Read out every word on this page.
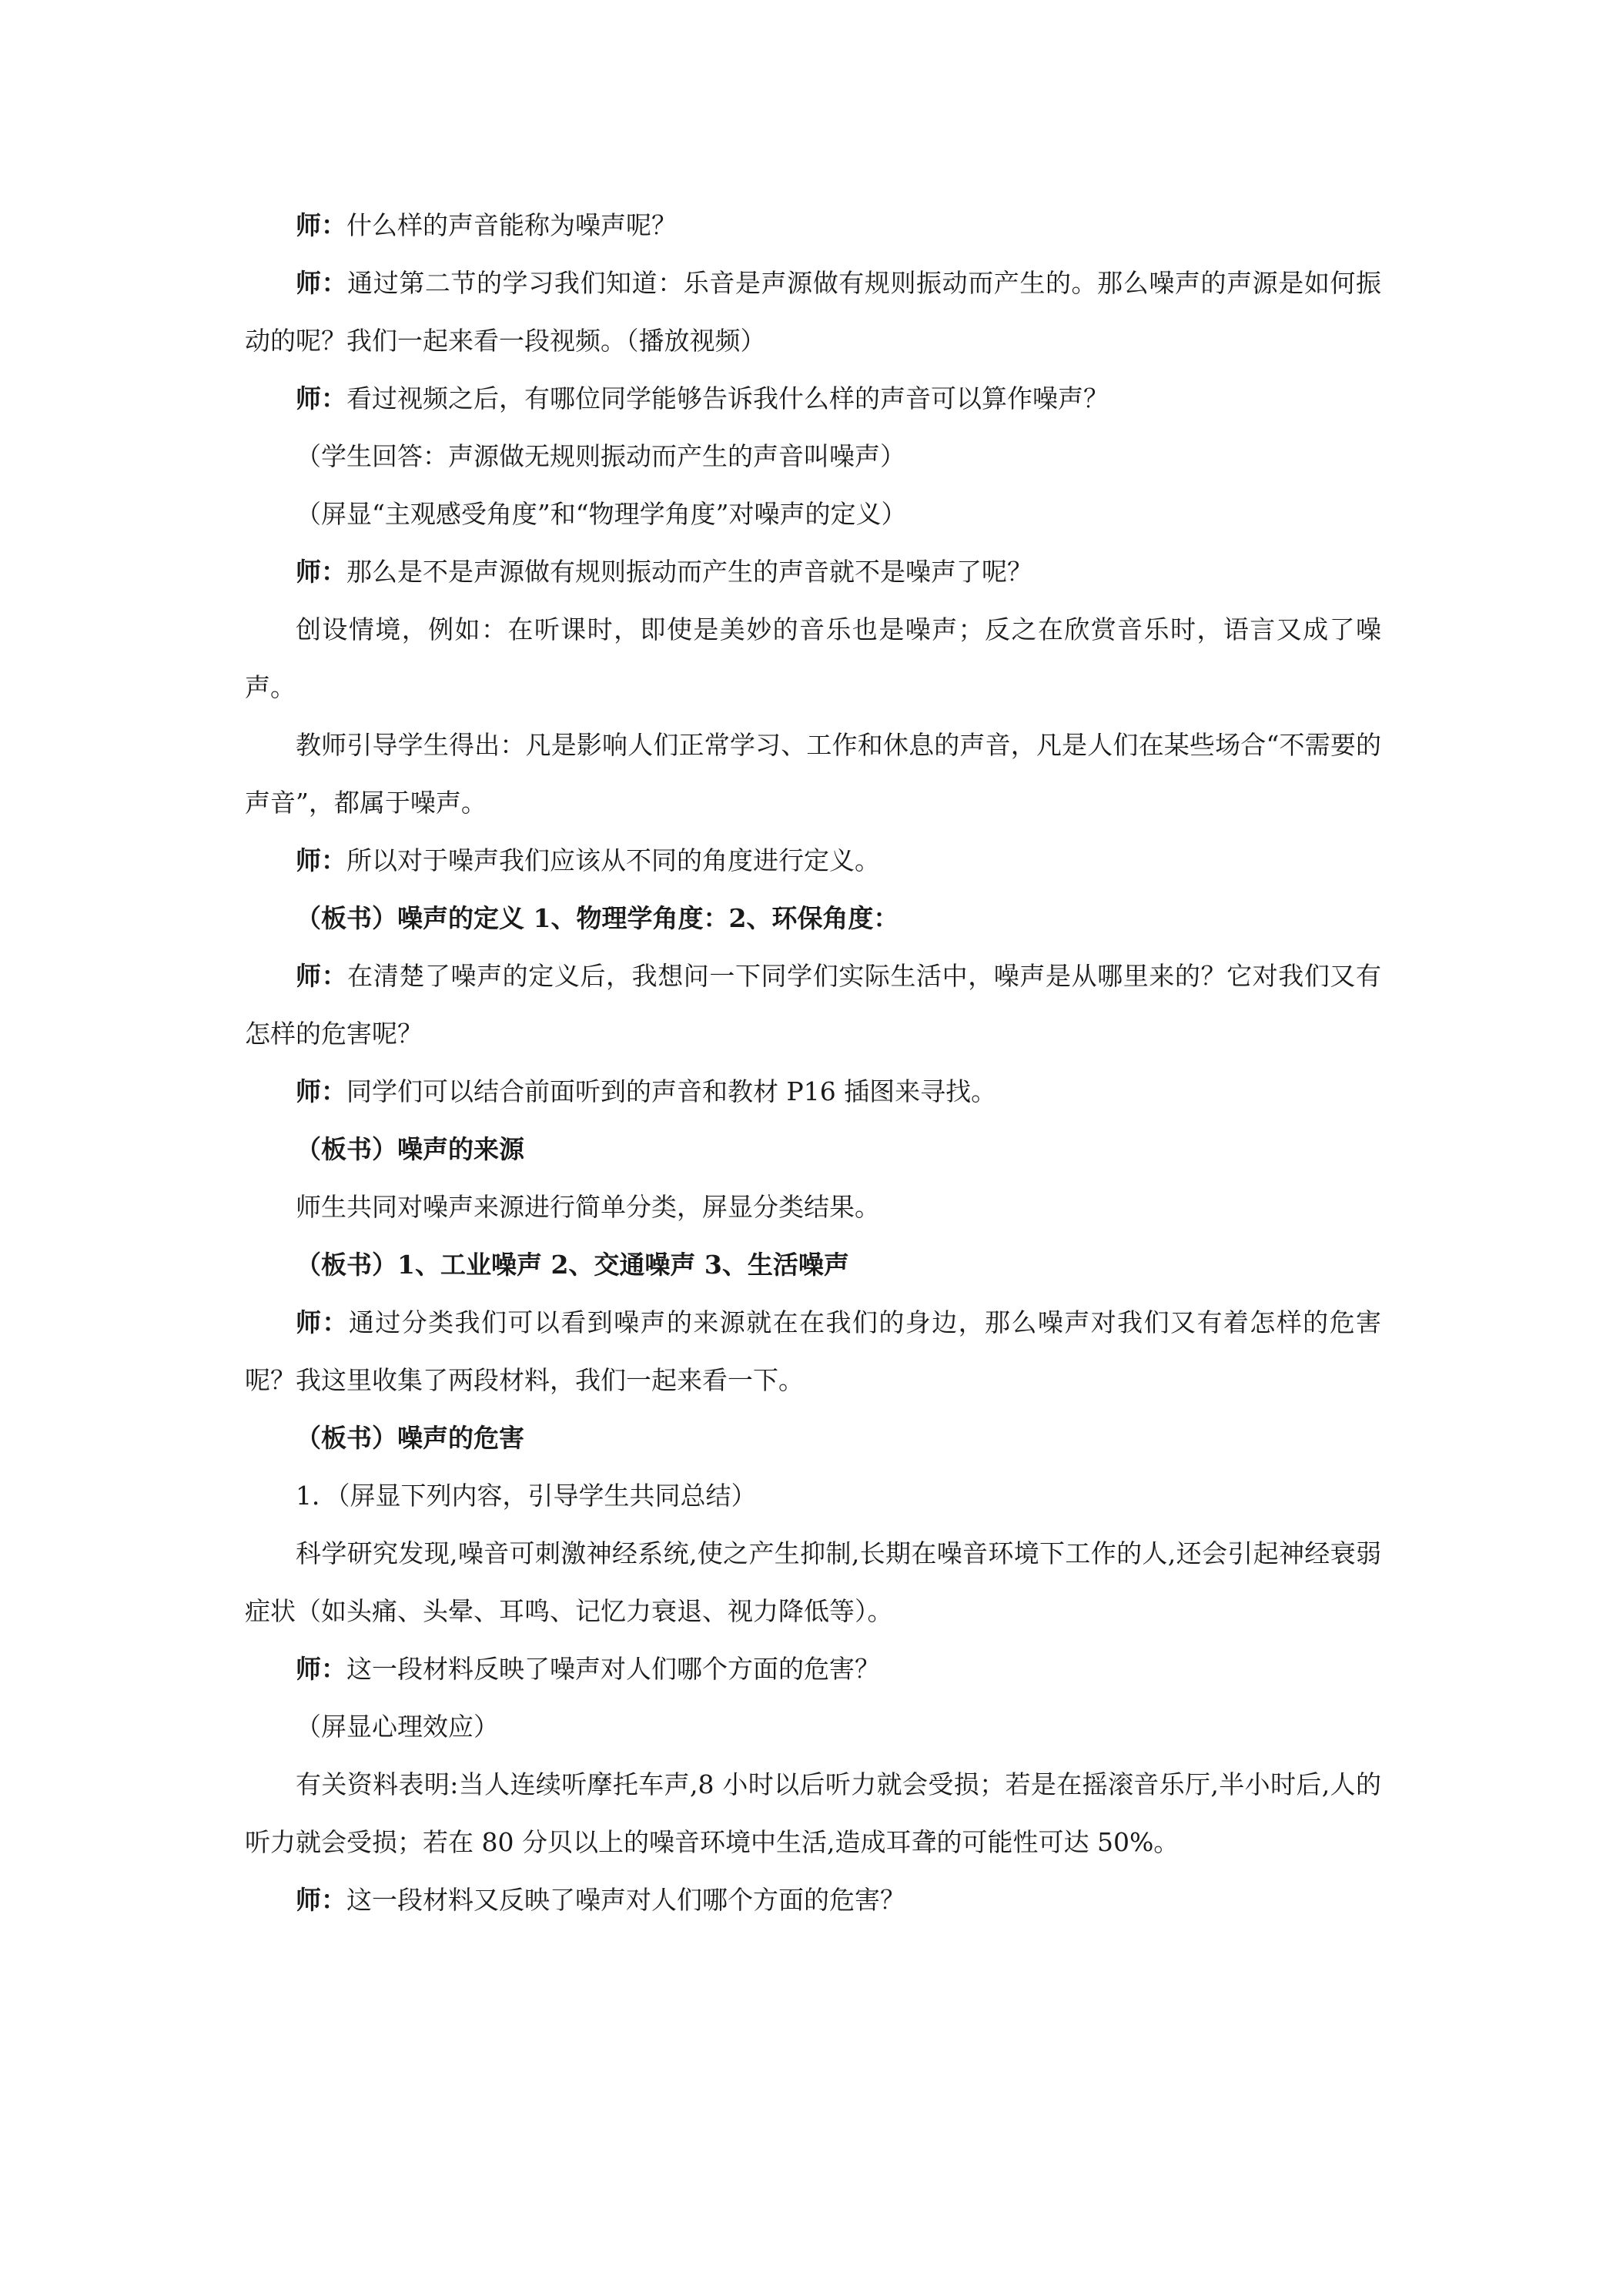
师：什么样的声音能称为噪声呢？

师：通过第二节的学习我们知道：乐音是声源做有规则振动而产生的。那么噪声的声源是如何振动的呢？我们一起来看一段视频。（播放视频）

师：看过视频之后，有哪位同学能够告诉我什么样的声音可以算作噪声？

（学生回答：声源做无规则振动而产生的声音叫噪声）

（屏显“主观感受角度”和“物理学角度”对噪声的定义）

师：那么是不是声源做有规则振动而产生的声音就不是噪声了呢？

创设情境，例如：在听课时，即使是美妙的音乐也是噪声；反之在欣赏音乐时，语言又成了噪声。

教师引导学生得出：凡是影响人们正常学习、工作和休息的声音，凡是人们在某些场合“不需要的声音”，都属于噪声。

师：所以对于噪声我们应该从不同的角度进行定义。

（板书）噪声的定义 1、物理学角度：2、环保角度：

师：在清楚了噪声的定义后，我想问一下同学们实际生活中，噪声是从哪里来的？它对我们又有怎样的危害呢？

师：同学们可以结合前面听到的声音和教材 P16 插图来寻找。

（板书）噪声的来源

师生共同对噪声来源进行简单分类，屏显分类结果。

（板书）1、工业噪声 2、交通噪声 3、生活噪声

师：通过分类我们可以看到噪声的来源就在在我们的身边，那么噪声对我们又有着怎样的危害呢？我这里收集了两段材料，我们一起来看一下。

（板书）噪声的危害

1．（屏显下列内容，引导学生共同总结）

科学研究发现,噪音可刺激神经系统,使之产生抑制,长期在噪音环境下工作的人,还会引起神经衰弱症状（如头痛、头晕、耳鸣、记忆力衰退、视力降低等）。

师：这一段材料反映了噪声对人们哪个方面的危害？

（屏显心理效应）

有关资料表明:当人连续听摩托车声,8 小时以后听力就会受损；若是在摇滚音乐厅,半小时后,人的听力就会受损；若在 80 分贝以上的噪音环境中生活,造成耳聋的可能性可达 50%。

师：这一段材料又反映了噪声对人们哪个方面的危害？
